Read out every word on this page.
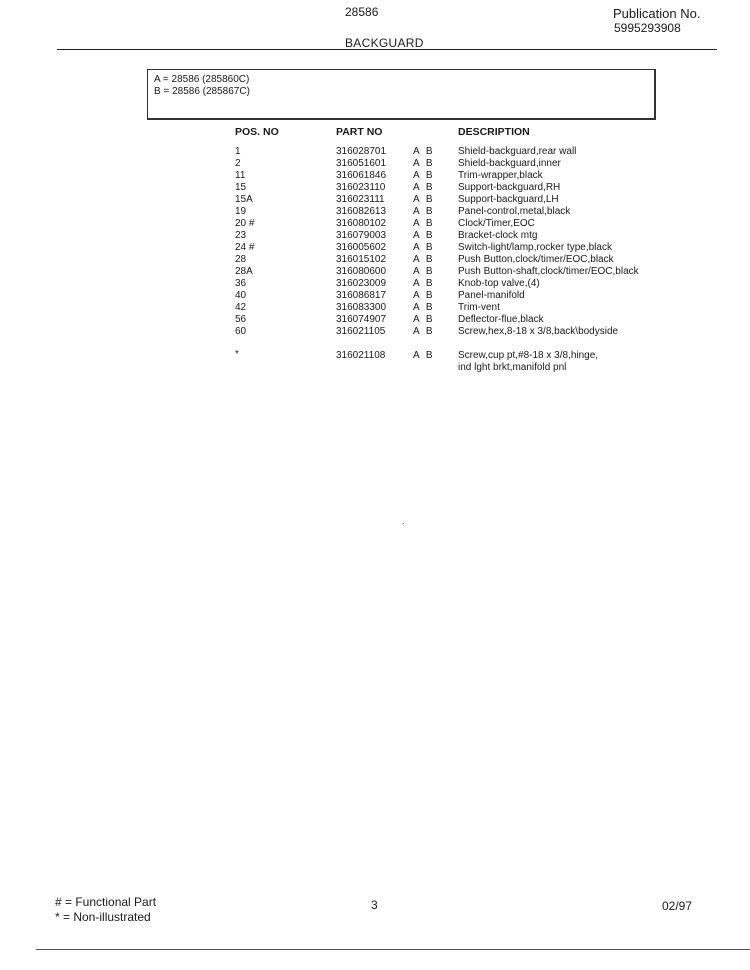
28586	Publication No.
5995293908
BACKGUARD
A = 28586 (285860C)
B = 28586 (285867C)
POS. NO	PART NO	DESCRIPTION
1	316028701	A B Shield-backguard,rear wall
2	316051601	A B Shield-backguard,inner
11	316061846	A B Trim-wrapper,black
15	316023110	A B Support-backguard,RH
15A	316023111	A B Support-backguard,LH
19	316082613	A B Panel-control,metal,black
20 #	316080102	A B Clock/Timer,EOC
23	316079003	A B Bracket-clock mtg
24 #	316005602	A B Switch-light/lamp,rocker type,black
28	316015102	A B Push Button,clock/timer/EOC,black
28A	316080600	A B Push Button-shaft,clock/timer/EOC,black
36	316023009	A B Knob-top valve,(4)
40	316086817	A B Panel-manifold
42	316083300	A B Trim-vent
56	316074907	A B Deflector-flue,black
60	316021105	A B Screw,hex,8-18 x 3/8,back\bodyside
*	316021108	A B Screw,cup pt,#8-18 x 3/8,hinge,
ind lght brkt,manifold pnl
# = Functional Part
* = Non-illustrated
3	02/97
